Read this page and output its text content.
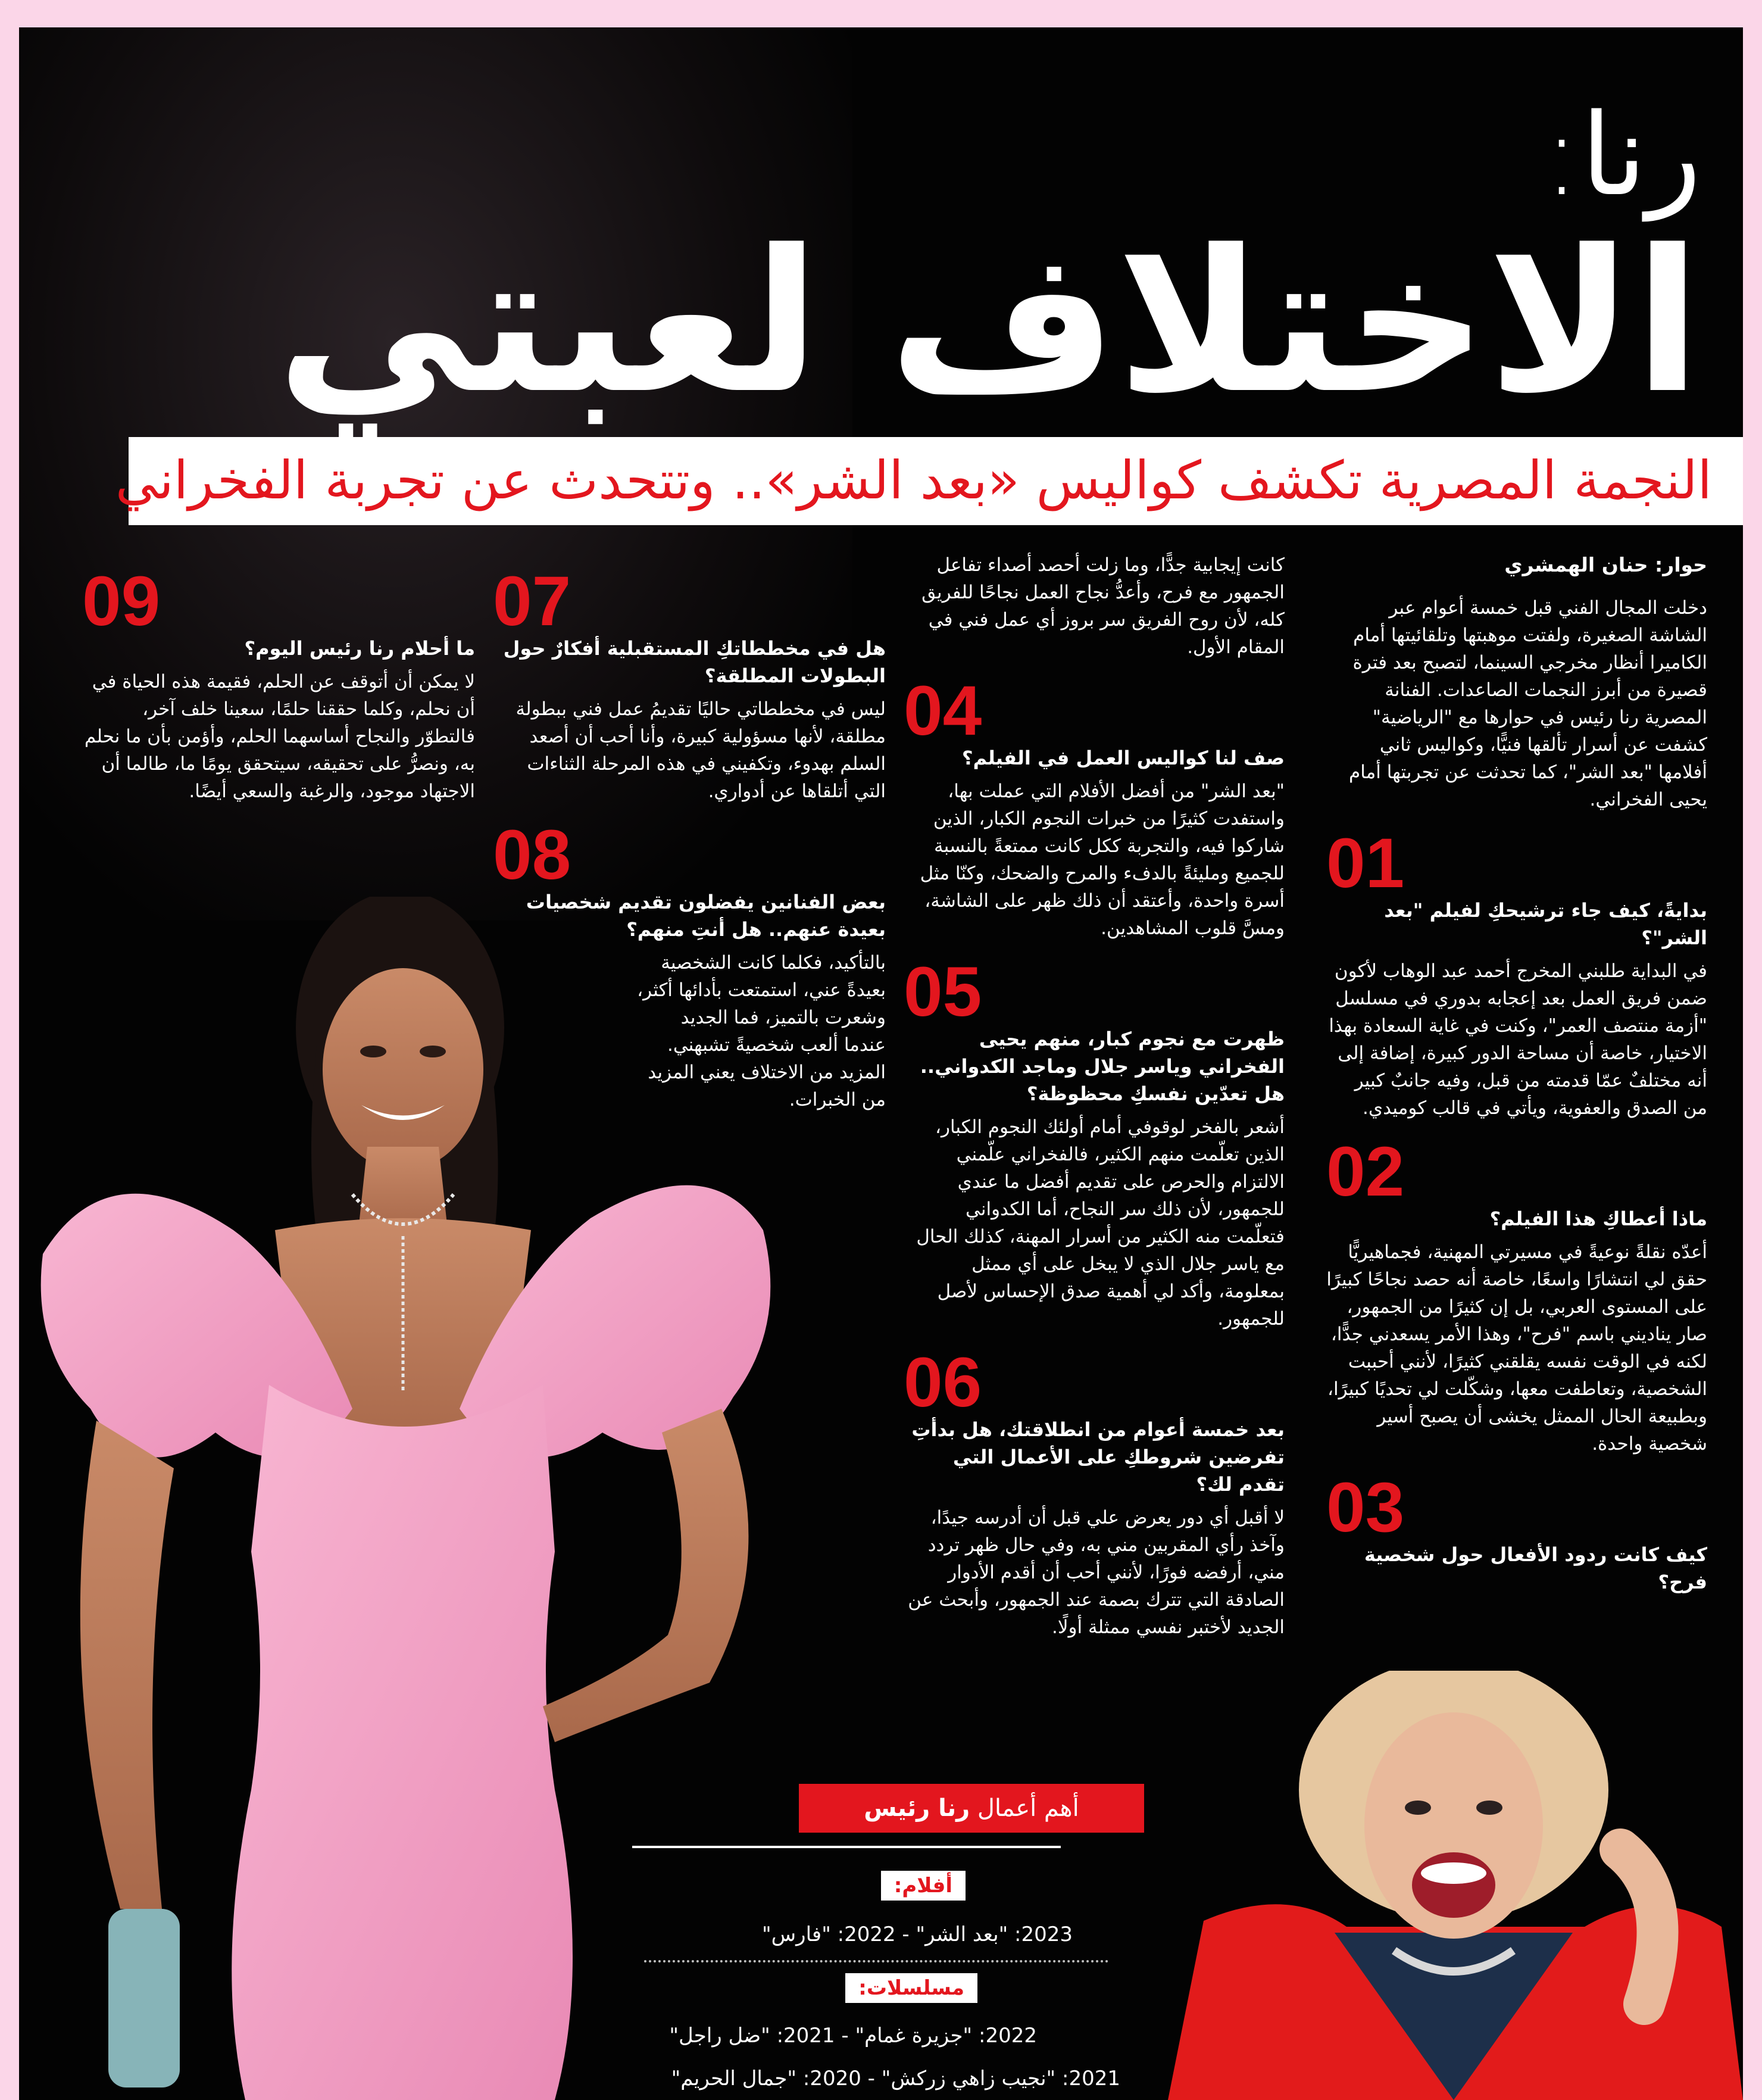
رنا:
الاختلاف لعبتي
النجمة المصرية تكشف كواليس «بعد الشر».. وتتحدث عن تجربة الفخراني
حوار: حنان الهمشري

دخلت المجال الفني قبل خمسة أعوام عبر الشاشة الصغيرة، ولفتت موهبتها وتلقائيتها أمام الكاميرا أنظار مخرجي السينما، لتصبح بعد فترة قصيرة من أبرز النجمات الصاعدات. الفنانة المصرية رنا رئيس في حوارها مع "الرياضية" كشفت عن أسرار تألقها فنيًّا، وكواليس ثاني أفلامها "بعد الشر"، كما تحدثت عن تجربتها أمام يحيى الفخراني.

01

بدايةً، كيف جاء ترشيحكِ لفيلم "بعد الشر"؟

في البداية طلبني المخرج أحمد عبد الوهاب لأكون ضمن فريق العمل بعد إعجابه بدوري في مسلسل "أزمة منتصف العمر"، وكنت في غاية السعادة بهذا الاختيار، خاصة أن مساحة الدور كبيرة، إضافة إلى أنه مختلفٌ عمّا قدمته من قبل، وفيه جانبٌ كبير من الصدق والعفوية، ويأتي في قالب كوميدي.

02

ماذا أعطاكِ هذا الفيلم؟

أعدّه نقلةً نوعيةً في مسيرتي المهنية، فجماهيريًّا حقق لي انتشارًا واسعًا، خاصة أنه حصد نجاحًا كبيرًا على المستوى العربي، بل إن كثيرًا من الجمهور، صار يناديني باسم "فرح"، وهذا الأمر يسعدني جدًّا، لكنه في الوقت نفسه يقلقني كثيرًا، لأنني أحببت الشخصية، وتعاطفت معها، وشكّلت لي تحديًا كبيرًا، وبطبيعة الحال الممثل يخشى أن يصبح أسير شخصية واحدة.

03

كيف كانت ردود الأفعال حول شخصية فرح؟

كانت إيجابية جدًّا، وما زلت أحصد أصداء تفاعل الجمهور مع فرح، وأعدُّ نجاح العمل نجاحًا للفريق كله، لأن روح الفريق سر بروز أي عمل فني في المقام الأول.

04

صف لنا كواليس العمل في الفيلم؟

"بعد الشر" من أفضل الأفلام التي عملت بها، واستفدت كثيرًا من خبرات النجوم الكبار، الذين شاركوا فيه، والتجربة ككل كانت ممتعةً بالنسبة للجميع ومليئةً بالدفء والمرح والضحك، وكنّا مثل أسرة واحدة، وأعتقد أن ذلك ظهر على الشاشة، ومسَّ قلوب المشاهدين.

05

ظهرت مع نجوم كبار، منهم يحيى الفخراني وياسر جلال وماجد الكدواني.. هل تعدّين نفسكِ محظوظة؟

أشعر بالفخر لوقوفي أمام أولئك النجوم الكبار، الذين تعلّمت منهم الكثير، فالفخراني علّمني الالتزام والحرص على تقديم أفضل ما عندي للجمهور، لأن ذلك سر النجاح، أما الكدواني فتعلّمت منه الكثير من أسرار المهنة، كذلك الحال مع ياسر جلال الذي لا يبخل على أي ممثل بمعلومة، وأكد لي أهمية صدق الإحساس لأصل للجمهور.

06

بعد خمسة أعوام من انطلاقتك، هل بدأتِ تفرضين شروطكِ على الأعمال التي تقدم لك؟

لا أقبل أي دور يعرض علي قبل أن أدرسه جيدًا، وآخذ رأي المقربين مني به، وفي حال ظهر تردد مني، أرفضه فورًا، لأنني أحب أن أقدم الأدوار الصادقة التي تترك بصمة عند الجمهور، وأبحث عن الجديد لأختبر نفسي ممثلة أولًا.

07

هل في مخططاتكِ المستقبلية أفكارٌ حول البطولات المطلقة؟

ليس في مخططاتي حاليًا تقديمُ عمل فني ببطولة مطلقة، لأنها مسؤولية كبيرة، وأنا أحب أن أصعد السلم بهدوء، وتكفيني في هذه المرحلة الثناءات التي أتلقاها عن أدواري.

08

بعض الفنانين يفضلون تقديم شخصيات بعيدة عنهم.. هل أنتِ منهم؟

بالتأكيد، فكلما كانت الشخصية بعيدةً عني، استمتعت بأدائها أكثر، وشعرت بالتميز، فما الجديد عندما ألعب شخصيةً تشبهني. المزيد من الاختلاف يعني المزيد من الخبرات.

09

ما أحلام رنا رئيس اليوم؟

لا يمكن أن أتوقف عن الحلم، فقيمة هذه الحياة في أن نحلم، وكلما حققنا حلمًا، سعينا خلف آخر، فالتطوّر والنجاح أساسهما الحلم، وأؤمن بأن ما نحلم به، ونصرُّ على تحقيقه، سيتحقق يومًا ما، طالما أن الاجتهاد موجود، والرغبة والسعي أيضًا.

أهم أعمال رنا رئيس
أفلام:
2023: "بعد الشر" - 2022: "فارس"
مسلسلات:
2022: "جزيرة غمام" - 2021: "ضل راجل"
2021: "نجيب زاهي زركش" - 2020: "جمال الحريم"
